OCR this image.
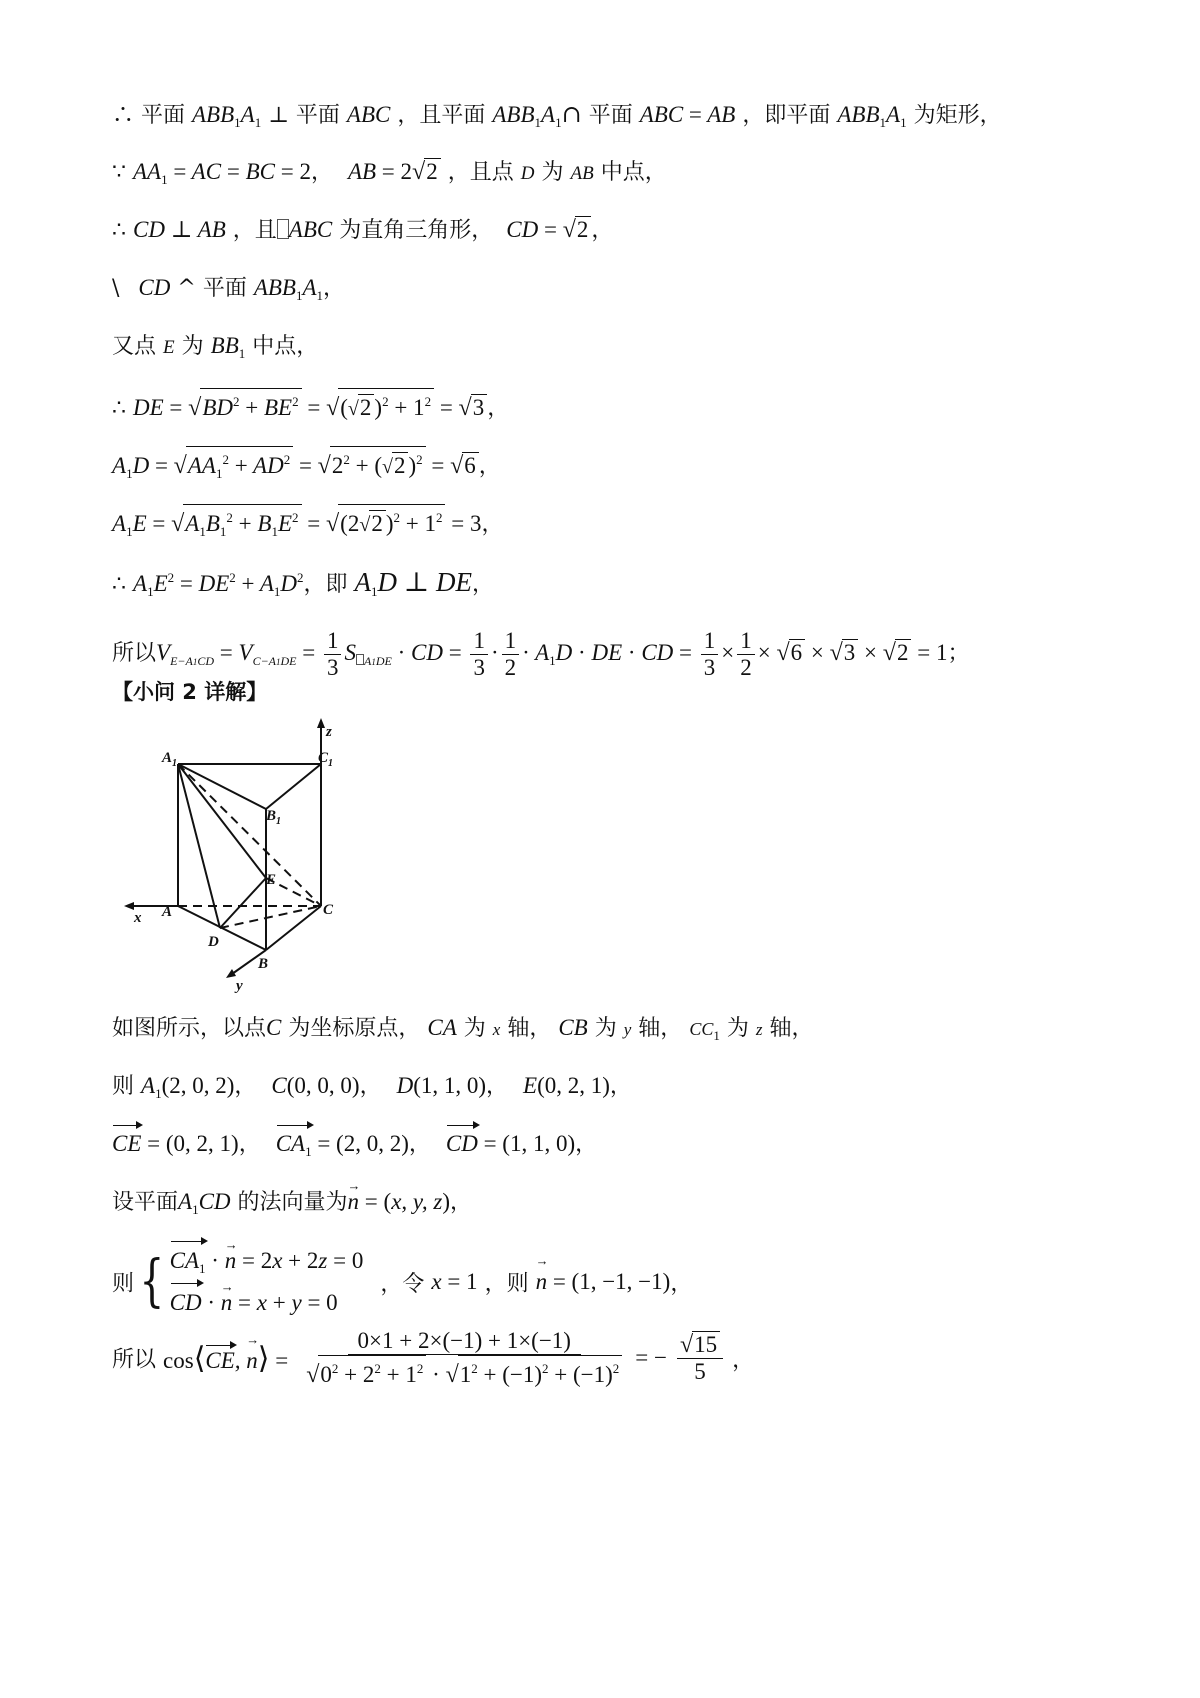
∴ 平面 $ABB_1A_1$ ⊥ 平面 ABC ，且平面 $ABB_1A_1\cap$ 平面 ABC = AB ，即平面 $ABB_1A_1$ 为矩形，
∵ $AA_1$ = AC = BC = 2， AB = 2√2 ，且点 D 为 AB 中点，
∴ CD ⊥ AB ，且 ABC 为直角三角形， CD = √2 ，
\ CD ^ 平面 $ABB_1A_1$，
又点 E 为 $BB_1$ 中点，
∴ DE = $√BD^2 + BE^2 = √(√2$ )$^2 + 1^2 = √3$ ，
$A_1D = √AA_1^2 + AD^2 = √2^2 + (√2$ )$^2$ = √6 ，
$A_1E = √A_1B_1^2 + B_1E^2 = √(2√2$ )$^2 + 1^2 = 3$，
∴ $A_1E^2 = DE^2 + A_1D^2$，即 $A_1D$ ⊥ DE，
所以$V_{E-A1CD} = V_{C-A1DE} = \frac{1}{3}$ S $_{A1DE}$ · CD = $\frac{1}{3} \cdot \frac{1}{2} \cdot A_1D$ · DE · CD = $\frac{1}{3} \times \frac{1}{2} \times √6 \times √3 \times √2 = 1$；
【小问 2 详解】
$A_1$	$C_1$
$B_1$
E
A	C
D
B
x
y
z
如图所示，以点C 为坐标原点， CA 为 x 轴， CB 为 y 轴， $CC_1$ 为 z 轴，
则 $A_1(2$, 0, 2)， C(0, 0, 0)， D(1, 1, 0)， E(0, 2, 1)，
CE = (0, 2, 1)， $CA_1 = (2$, 0, 2)， CD = (1, 1, 0)，
设平面$A_1CD$ 的法向量为n → = (x, y, z)，
则{ $CA_1 \cdot n$ → = 2x + 2z = 0
CD · n → = x + y = 0
，令 x = 1 ，则 n → = (1, −1, −1)，
所以 cos⟨CE, n →⟩ = $\frac{0\times 1 + 2\times(-1) + 1\times(-1)}{√0^2 + 2^2 + 1^2 \cdot √1^2 + (-1)^2 + (-1)^2}$ = − $\frac{√15}{5}$ ，
